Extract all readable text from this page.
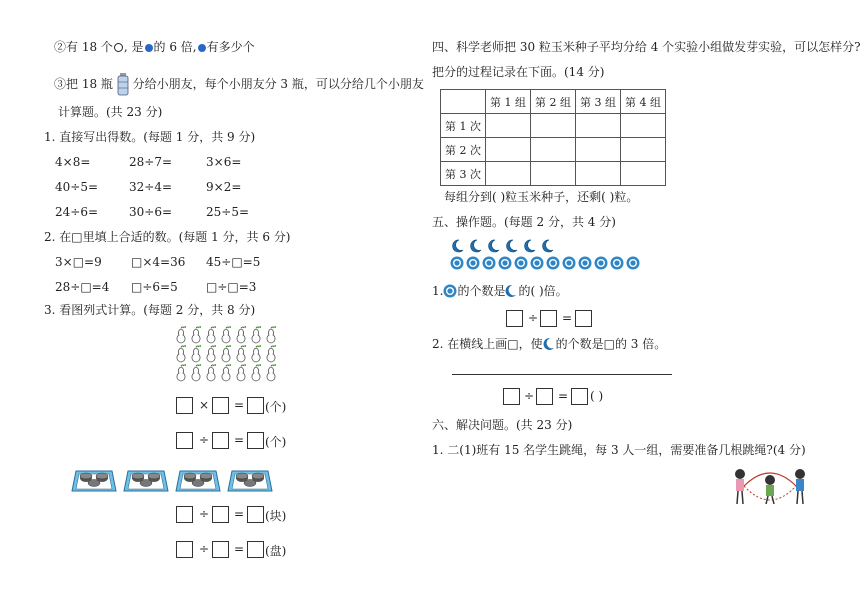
②有 18 个 , 是 的 6 倍, 有多少个
③把 18 瓶 分给小朋友，每个小朋友分 3 瓶，可以分给几个小朋友
计算题。(共 23 分)
1. 直接写出得数。(每题 1 分，共 9 分)
4×8=	28÷7=	3×6=
40÷5=	32÷4=	9×2=
24÷6=	30÷6=	25÷5=
2. 在□里填上合适的数。(每题 1 分，共 6 分)
3×□=9 □×4=36 45÷□=5
28÷□=4 □÷6=5 □÷□=3
3. 看图列式计算。(每题 2 分，共 8 分)
× = (个)
÷ = (个)
÷ = (块)
÷ = (盘)
四、科学老师把 30 粒玉米种子平均分给 4 个实验小组做发芽实验，可以怎样分?
把分的过程记录在下面。(14 分)
	第 1 组	第 2 组	第 3 组	第 4 组
第 1 次				
第 2 次				
第 3 次				
每组分到( )粒玉米种子，还剩( )粒。
五、操作题。(每题 2 分，共 4 分)
1. 的个数是 的( )倍。
÷ =
2. 在横线上画□，使 的个数是□的 3 倍。
÷ = ( )
六、解决问题。(共 23 分)
1. 二(1)班有 15 名学生跳绳，每 3 人一组，需要准备几根跳绳?(4 分)
